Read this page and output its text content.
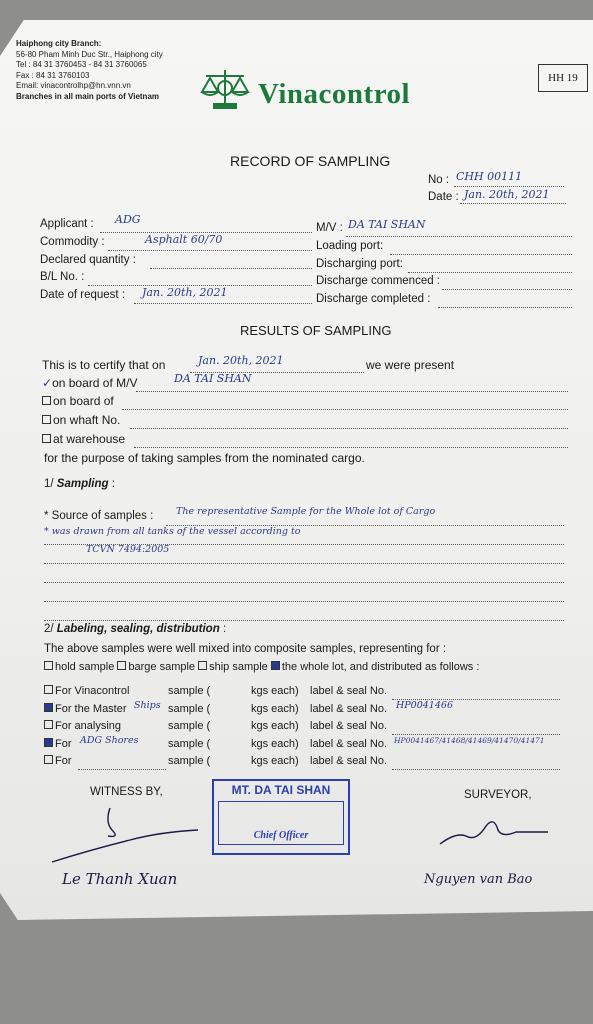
Haiphong city Branch:
56-80 Pham Minh Duc Str., Haiphong city
Tel : 84 31 3760453 - 84 31 3760065
Fax : 84 31 3760103
Email: vinacontrolhp@hn.vnn.vn
Branches in all main ports of Vietnam	Vinacontrol	HH 19
RECORD OF SAMPLING
No : CHH 00111
Date : Jan. 20th, 2021
Applicant : ADG
Commodity :	Asphalt 60/70
Declared quantity :
B/L No. :
Date of request : Jan. 20th, 2021
M/V : DA TAI SHAN
Loading port:
Discharging port:
Discharge commenced :
Discharge completed :
RESULTS OF SAMPLING
This is to certify that on	Jan. 20th, 2021	we were present
✓on board of M/V	DA TAI SHAN
on board of
on whaft No.
at warehouse
for the purpose of taking samples from the nominated cargo.
1/ Sampling :
* Source of samples : The representative Sample for the Whole lot of Cargo
* was drawn from all tanks of the vessel according to
TCVN 7494:2005
2/ Labeling, sealing, distribution :
The above samples were well mixed into composite samples, representing for :
hold sample barge sample ship sample the whole lot, and distributed as follows :
For Vinacontrol	sample (	kgs each) label & seal No.
For the Master Ships sample (	kgs each) label & seal No. HP0041466
For analysing	sample (	kgs each) label & seal No.
For ADG Shores	sample (	kgs each) label & seal No. HP0041467/41468/41469/41470/41471
For	sample (	kgs each) label & seal No.
WITNESS BY,	SURVEYOR,
MT. DA TAI SHAN
Chief Officer
Le Thanh Xuan	Nguyen van Bao
